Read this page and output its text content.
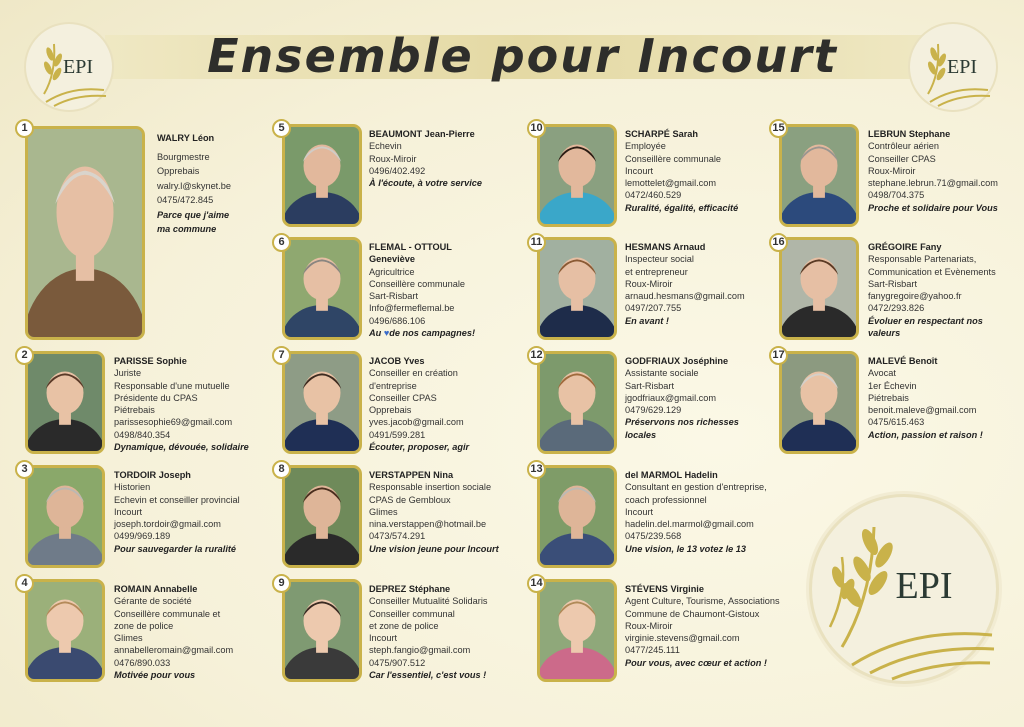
Ensemble pour Incourt
EPI	EPI
EPI
1
WALRY Léon
Bourgmestre
Opprebais
walry.l@skynet.be
0475/472.845
Parce que j'aime
ma commune
2	PARISSE Sophie
Juriste
Responsable d'une mutuelle
Présidente du CPAS
Piétrebais
parissesophie69@gmail.com
0498/840.354
Dynamique, dévouée, solidaire
3	TORDOIR Joseph
Historien
Echevin et conseiller provincial
Incourt
joseph.tordoir@gmail.com
0499/969.189
Pour sauvegarder la ruralité
4	ROMAIN Annabelle
Gérante de société
Conseillère communale et
zone de police
Glimes
annabelleromain@gmail.com
0476/890.033
Motivée pour vous
5	BEAUMONT Jean-Pierre
Echevin
Roux-Miroir
0496/402.492
À l'écoute, à votre service
6	FLEMAL - OTTOUL
Geneviève
Agricultrice
Conseillère communale
Sart-Risbart
Info@fermeflemal.be
0496/686.106
Au ♥de nos campagnes!
7	JACOB Yves
Conseiller en création
d'entreprise
Conseiller CPAS
Opprebais
yves.jacob@gmail.com
0491/599.281
Écouter, proposer, agir
8	VERSTAPPEN Nina
Responsable insertion sociale
CPAS de Gembloux
Glimes
nina.verstappen@hotmail.be
0473/574.291
Une vision jeune pour Incourt
9	DEPREZ Stéphane
Conseiller Mutualité Solidaris
Conseiller communal
et zone de police
Incourt
steph.fangio@gmail.com
0475/907.512
Car l'essentiel, c'est vous !
10	SCHARPÉ Sarah
Employée
Conseillère communale
Incourt
lemottelet@gmail.com
0472/460.529
Ruralité, égalité, efficacité
11	HESMANS Arnaud
Inspecteur social
et entrepreneur
Roux-Miroir
arnaud.hesmans@gmail.com
0497/207.755
En avant !
12	GODFRIAUX Joséphine
Assistante sociale
Sart-Risbart
jgodfriaux@gmail.com
0479/629.129
Préservons nos richesses
locales
13	del MARMOL Hadelin
Consultant en gestion d'entreprise,
coach professionnel
Incourt
hadelin.del.marmol@gmail.com
0475/239.568
Une vision, le 13 votez le 13
14	STÉVENS Virginie
Agent Culture, Tourisme, Associations
Commune de Chaumont-Gistoux
Roux-Miroir
virginie.stevens@gmail.com
0477/245.111
Pour vous, avec cœur et action !
15	LEBRUN Stephane
Contrôleur aérien
Conseiller CPAS
Roux-Miroir
stephane.lebrun.71@gmail.com
0498/704.375
Proche et solidaire pour Vous
16	GRÉGOIRE Fany
Responsable Partenariats,
Communication et Evènements
Sart-Risbart
fanygregoire@yahoo.fr
0472/293.826
Évoluer en respectant nos
valeurs
17	MALEVÉ Benoît
Avocat
1er Échevin
Piétrebais
benoit.maleve@gmail.com
0475/615.463
Action, passion et raison !
